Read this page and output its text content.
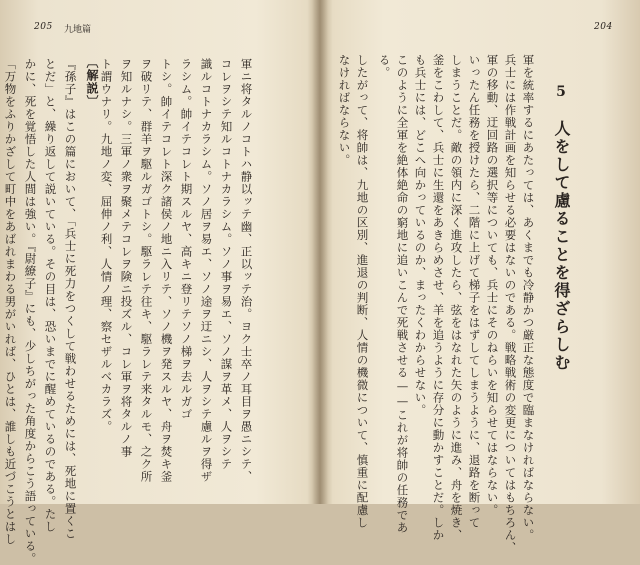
205 九地篇
軍ニ将タルノコトハ静以ッテ幽、正以ッテ治。ヨク士卒ノ耳目ヲ愚ニシテ、
コレヲシテ知ルコトナカラシム。ソノ事ヲ易エ、ソノ謀ヲ革メ、人ヲシテ
識ルコトナカラシム。ソノ居ヲ易エ、ソノ途ヲ迂ニシ、人ヲシテ慮ルヲ得ザ
ラシム。帥イテコレト期スルヤ、高キニ登リテソノ梯ヲ去ルガゴ
トシ。帥イテコレト深ク諸侯ノ地ニ入リテ、ソノ機ヲ発スルヤ、舟ヲ焚キ釜
ヲ破リテ、群羊ヲ駆ルガゴトシ。駆ラレテ往キ、駆ラレテ来タルモ、之ク所
ヲ知ルナシ。三軍ノ衆ヲ聚メテコレヲ険ニ投ズル、コレ軍ヲ将タルノ事
ト謂ウナリ。九地ノ変、屈伸ノ利、人情ノ理、察セザルベカラズ。
〔解説〕
『孫子』はこの篇において、「兵士に死力をつくして戦わせるためには、死地に置くこ
とだ」と、繰り返して説いている。その目は、恐いまでに醒めているのである。たし
かに、死を覚悟した人間は強い。『尉繚子』にも、少しちがった角度からこう語っている。
「万物をふりかざして町中をあばれまわる男がいれば、ひとは、誰しも近づこうとはし
204
5　人をして慮ることを得ざらしむ
軍を統率するにあたっては、あくまでも冷静かつ厳正な態度で臨まなければならない。
兵士には作戦計画を知らせる必要はないのである。戦略戦術の変更についてはもちろん、
軍の移動、迂回路の選択等についても、兵士にそのねらいを知らせてはならない。
いったん任務を授けたら、二階に上げて梯子をはずしてしまうように、退路を断って
しまうことだ。敵の領内に深く進攻したら、弦をはなれた矢のように進み、舟を焼き、
釜をこわして、兵士に生還をあきらめさせ、羊を追うように存分に動かすことだ。しか
も兵士には、どこへ向かっているのか、まったくわからせない。
このように全軍を絶体絶命の窮地に追いこんで死戦させる——これが将帥の任務であ
る。
したがって、将帥は、九地の区別、進退の判断、人情の機微について、慎重に配慮し
なければならない。
